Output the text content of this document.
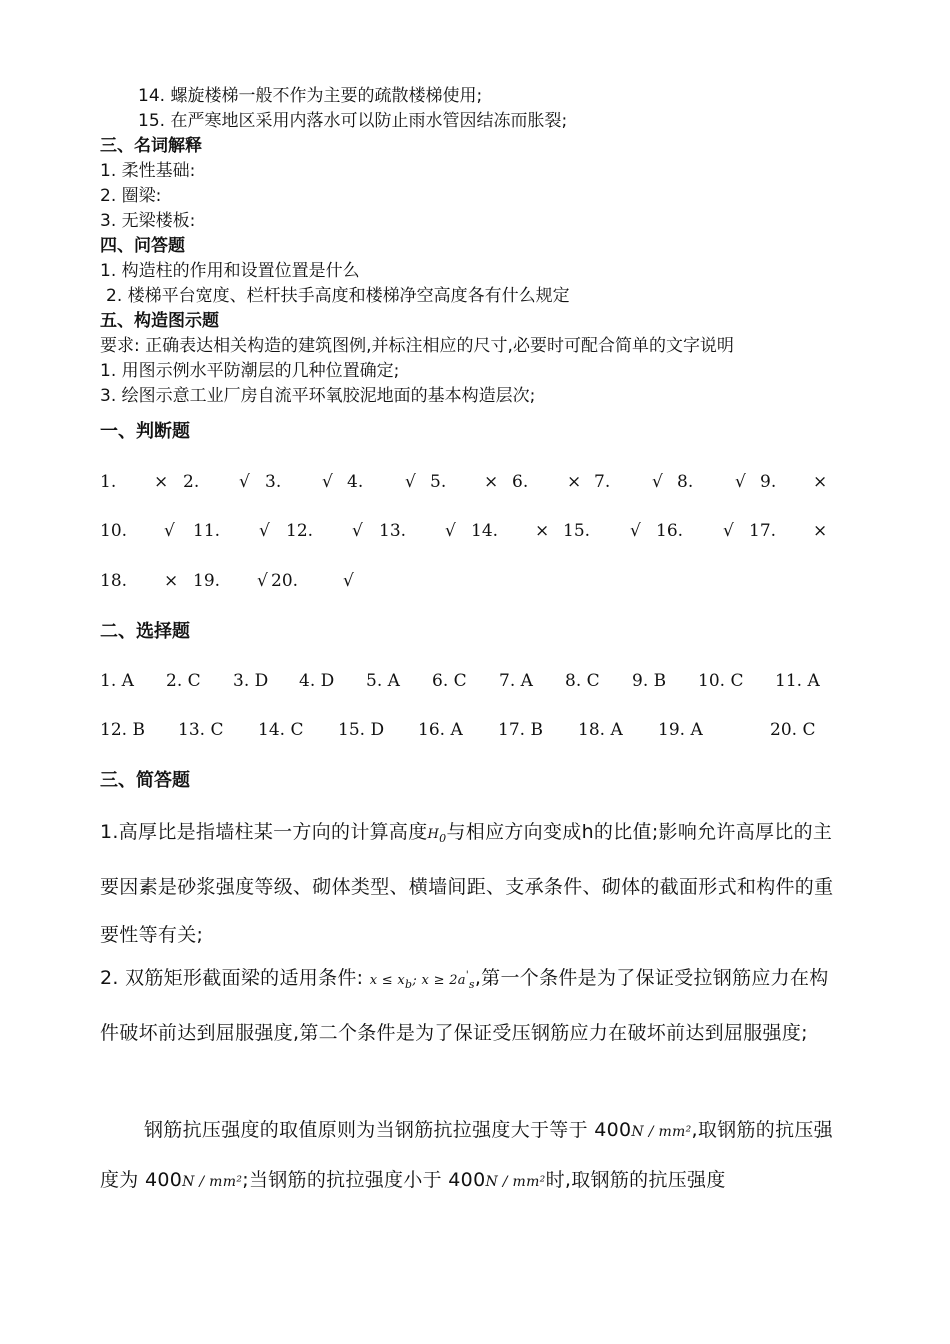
14. 螺旋楼梯一般不作为主要的疏散楼梯使用;
15. 在严寒地区采用内落水可以防止雨水管因结冻而胀裂;
三、名词解释
1. 柔性基础:
2. 圈梁:
3. 无梁楼板:
四、问答题
1. 构造柱的作用和设置位置是什么
2. 楼梯平台宽度、栏杆扶手高度和楼梯净空高度各有什么规定
五、构造图示题
要求: 正确表达相关构造的建筑图例,并标注相应的尺寸,必要时可配合简单的文字说明
1. 用图示例水平防潮层的几种位置确定;
3. 绘图示意工业厂房自流平环氧胶泥地面的基本构造层次;
一、判断题
1. × 2. √ 3. √ 4. √ 5. × 6. × 7. √ 8. √ 9. ×
10. √ 11. √ 12. √ 13. √ 14. × 15. √ 16. √ 17. ×
18. × 19. √ 20.	√
二、选择题
1. A 2. C 3. D 4. D 5. A 6. C 7. A 8. C 9. B 10. C 11. A
12. B 13. C 14. C 15. D 16. A 17. B 18. A 19. A	20. C
三、简答题
1.高厚比是指墙柱某一方向的计算高度$H_0$与相应方向变成h的比值;影响允许高厚比的主要因素是砂浆强度等级、砌体类型、横墙间距、支承条件、砌体的截面形式和构件的重要性等有关;
2. 双筋矩形截面梁的适用条件: $x \le x_b$; $x \ge 2a'_s$,第一个条件是为了保证受拉钢筋应力在构件破坏前达到屈服强度,第二个条件是为了保证受压钢筋应力在破坏前达到屈服强度;
钢筋抗压强度的取值原则为当钢筋抗拉强度大于等于 400N / mm²,取钢筋的抗压强度为 400N / mm²;当钢筋的抗拉强度小于 400N / mm²时,取钢筋的抗压强度
